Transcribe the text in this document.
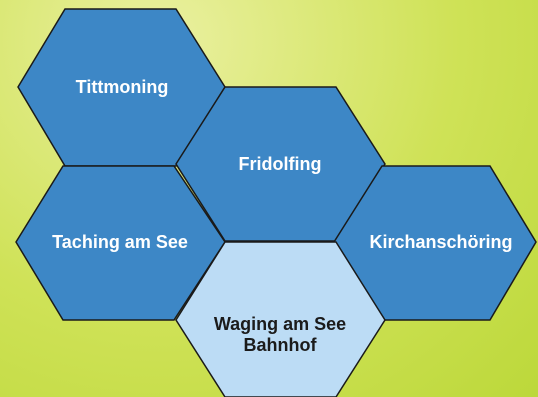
Tittmoning
Fridolfing
Taching am See	Kirchanschöring
Waging am See
Bahnhof
